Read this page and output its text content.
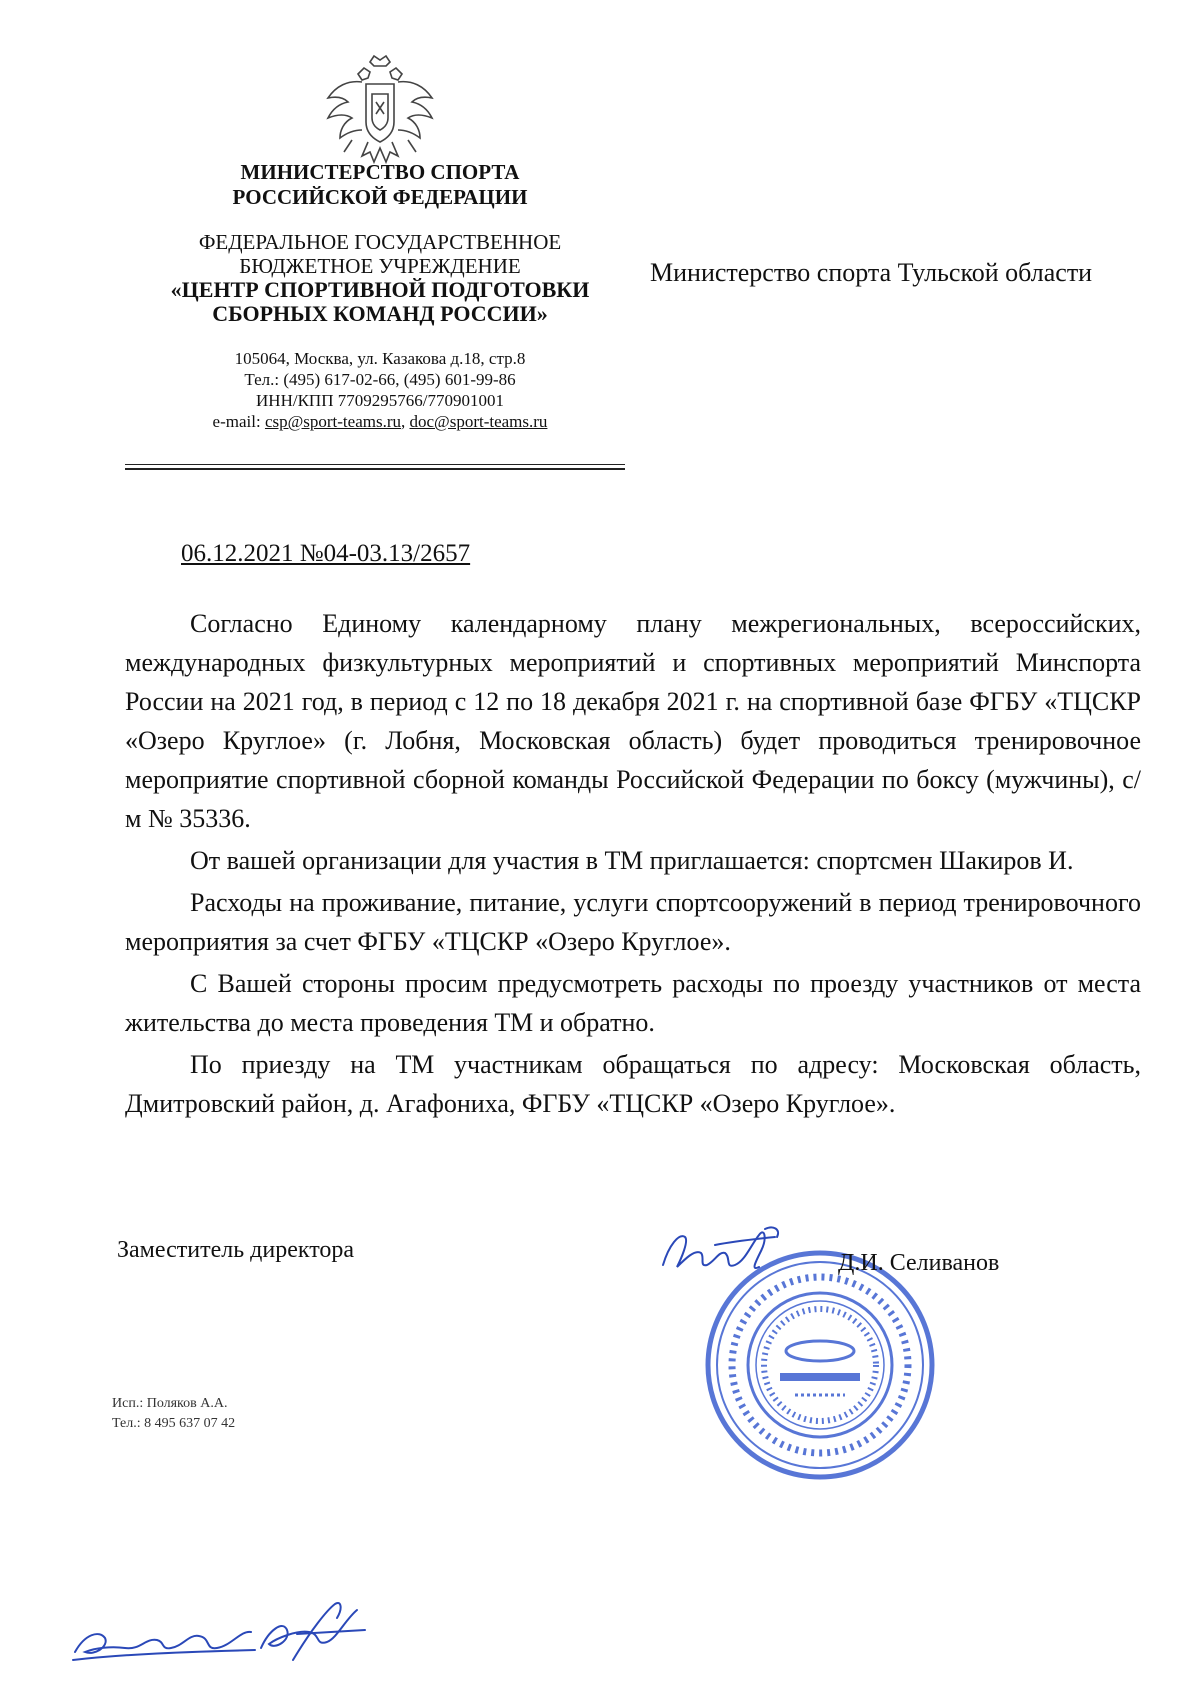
МИНИСТЕРСТВО СПОРТА
РОССИЙСКОЙ ФЕДЕРАЦИИ
ФЕДЕРАЛЬНОЕ ГОСУДАРСТВЕННОЕ
БЮДЖЕТНОЕ УЧРЕЖДЕНИЕ
«ЦЕНТР СПОРТИВНОЙ ПОДГОТОВКИ
СБОРНЫХ КОМАНД РОССИИ»
105064, Москва, ул. Казакова д.18, стр.8
Тел.: (495) 617-02-66, (495) 601-99-86
ИНН/КПП 7709295766/770901001
e-mail: csp@sport-teams.ru, doc@sport-teams.ru
Министерство спорта Тульской области
06.12.2021 №04-03.13/2657

Согласно Единому календарному плану межрегиональных, всероссийских, международных физкультурных мероприятий и спортивных мероприятий Минспорта России на 2021 год, в период с 12 по 18 декабря 2021 г. на спортивной базе ФГБУ «ТЦСКР «Озеро Круглое» (г. Лобня, Московская область) будет проводиться тренировочное мероприятие спортивной сборной команды Российской Федерации по боксу (мужчины), с/м № 35336.

От вашей организации для участия в ТМ приглашается: спортсмен Шакиров И.

Расходы на проживание, питание, услуги спортсооружений в период тренировочного мероприятия за счет ФГБУ «ТЦСКР «Озеро Круглое».

С Вашей стороны просим предусмотреть расходы по проезду участников от места жительства до места проведения ТМ и обратно.

По приезду на ТМ участникам обращаться по адресу: Московская область, Дмитровский район, д. Агафониха, ФГБУ «ТЦСКР «Озеро Круглое».

Заместитель директора	Д.И. Селиванов
Исп.: Поляков А.А.
Тел.: 8 495 637 07 42
